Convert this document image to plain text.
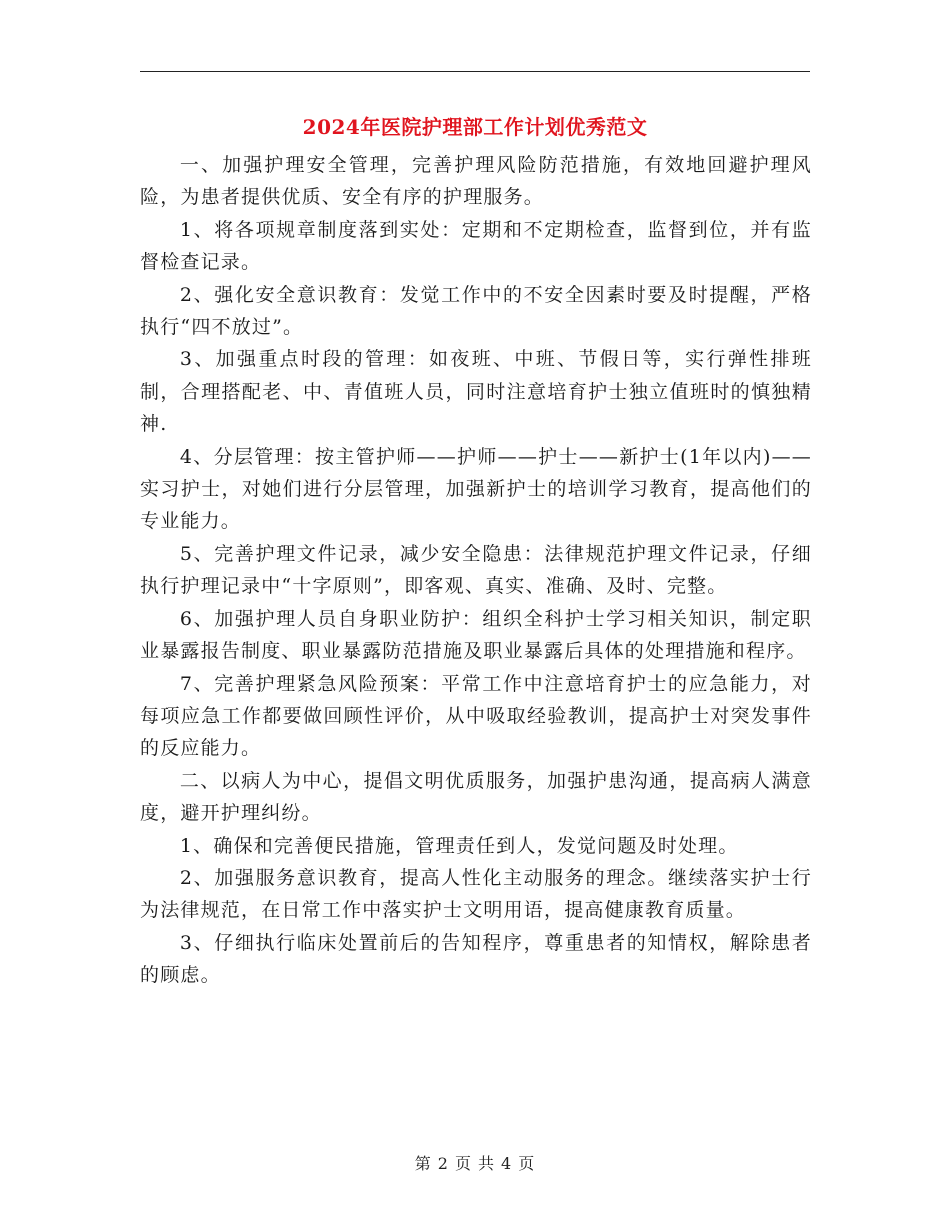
2024年医院护理部工作计划优秀范文

一、加强护理安全管理，完善护理风险防范措施，有效地回避护理风险，为患者提供优质、安全有序的护理服务。

1、将各项规章制度落到实处：定期和不定期检查，监督到位，并有监督检查记录。

2、强化安全意识教育：发觉工作中的不安全因素时要及时提醒，严格执行“四不放过”。

3、加强重点时段的管理：如夜班、中班、节假日等，实行弹性排班制，合理搭配老、中、青值班人员，同时注意培育护士独立值班时的慎独精神.

4、分层管理：按主管护师——护师——护士——新护士(1年以内)——实习护士，对她们进行分层管理，加强新护士的培训学习教育，提高他们的专业能力。

5、完善护理文件记录，减少安全隐患：法律规范护理文件记录，仔细执行护理记录中“十字原则”，即客观、真实、准确、及时、完整。

6、加强护理人员自身职业防护：组织全科护士学习相关知识，制定职业暴露报告制度、职业暴露防范措施及职业暴露后具体的处理措施和程序。

7、完善护理紧急风险预案：平常工作中注意培育护士的应急能力，对每项应急工作都要做回顾性评价，从中吸取经验教训，提高护士对突发事件的反应能力。

二、以病人为中心，提倡文明优质服务，加强护患沟通，提高病人满意度，避开护理纠纷。

1、确保和完善便民措施，管理责任到人，发觉问题及时处理。

2、加强服务意识教育，提高人性化主动服务的理念。继续落实护士行为法律规范，在日常工作中落实护士文明用语，提高健康教育质量。

3、仔细执行临床处置前后的告知程序，尊重患者的知情权，解除患者的顾虑。

第 2 页 共 4 页
